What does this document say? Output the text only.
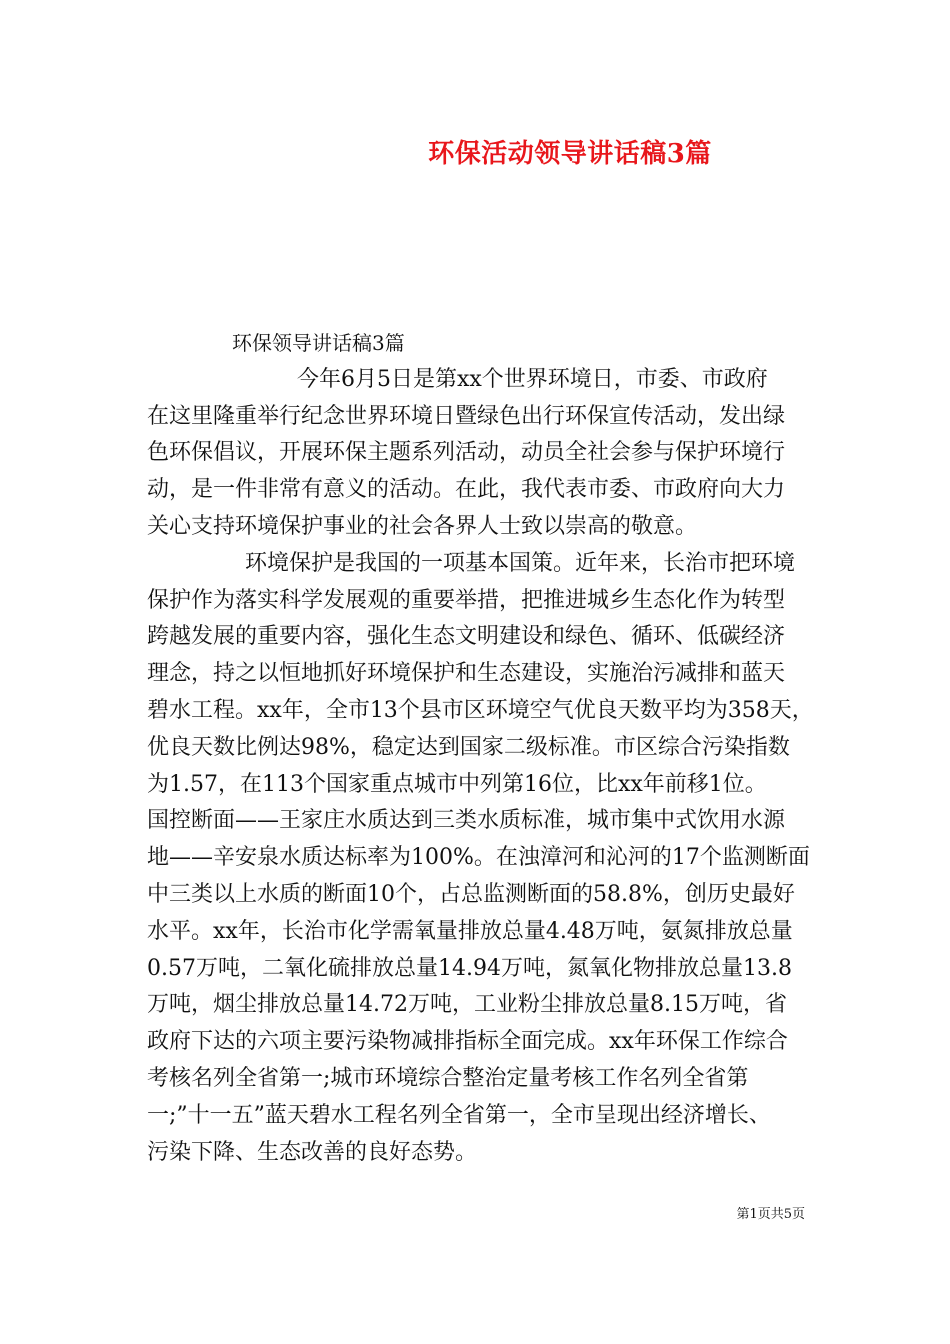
环保活动领导讲话稿3篇
环保领导讲话稿3篇
今年6月5日是第xx个世界环境日，市委、市政府
在这里隆重举行纪念世界环境日暨绿色出行环保宣传活动，发出绿
色环保倡议，开展环保主题系列活动，动员全社会参与保护环境行
动，是一件非常有意义的活动。在此，我代表市委、市政府向大力
关心支持环境保护事业的社会各界人士致以崇高的敬意。
环境保护是我国的一项基本国策。近年来，长治市把环境
保护作为落实科学发展观的重要举措，把推进城乡生态化作为转型
跨越发展的重要内容，强化生态文明建设和绿色、循环、低碳经济
理念，持之以恒地抓好环境保护和生态建设，实施治污减排和蓝天
碧水工程。xx年，全市13个县市区环境空气优良天数平均为358天，
优良天数比例达98%，稳定达到国家二级标准。市区综合污染指数
为1.57，在113个国家重点城市中列第16位，比xx年前移1位。
国控断面——王家庄水质达到三类水质标准，城市集中式饮用水源
地——辛安泉水质达标率为100%。在浊漳河和沁河的17个监测断面
中三类以上水质的断面10个，占总监测断面的58.8%，创历史最好
水平。xx年，长治市化学需氧量排放总量4.48万吨，氨氮排放总量
0.57万吨，二氧化硫排放总量14.94万吨，氮氧化物排放总量13.8
万吨，烟尘排放总量14.72万吨，工业粉尘排放总量8.15万吨，省
政府下达的六项主要污染物减排指标全面完成。xx年环保工作综合
考核名列全省第一;城市环境综合整治定量考核工作名列全省第
一;”十一五”蓝天碧水工程名列全省第一，全市呈现出经济增长、
污染下降、生态改善的良好态势。
第1页共5页
